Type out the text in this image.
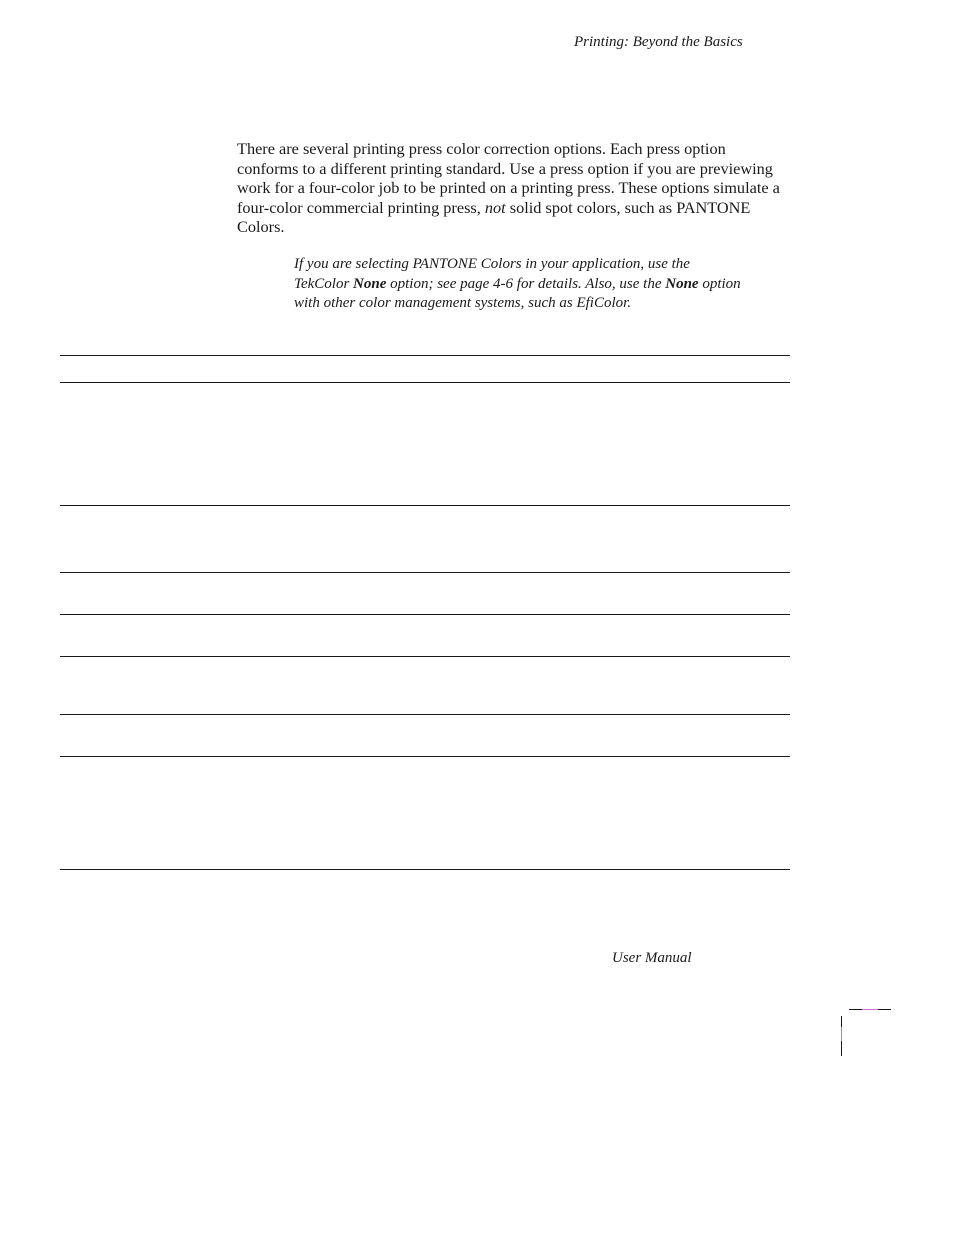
Printing: Beyond the Basics

There are several printing press color correction options. Each press option conforms to a different printing standard. Use a press option if you are previewing work for a four-color job to be printed on a printing press. These options simulate a four-color commercial printing press, not solid spot colors, such as PANTONE Colors.

If you are selecting PANTONE Colors in your application, use the TekColor None option; see page 4-6 for details. Also, use the None option with other color management systems, such as EfiColor.

User Manual
